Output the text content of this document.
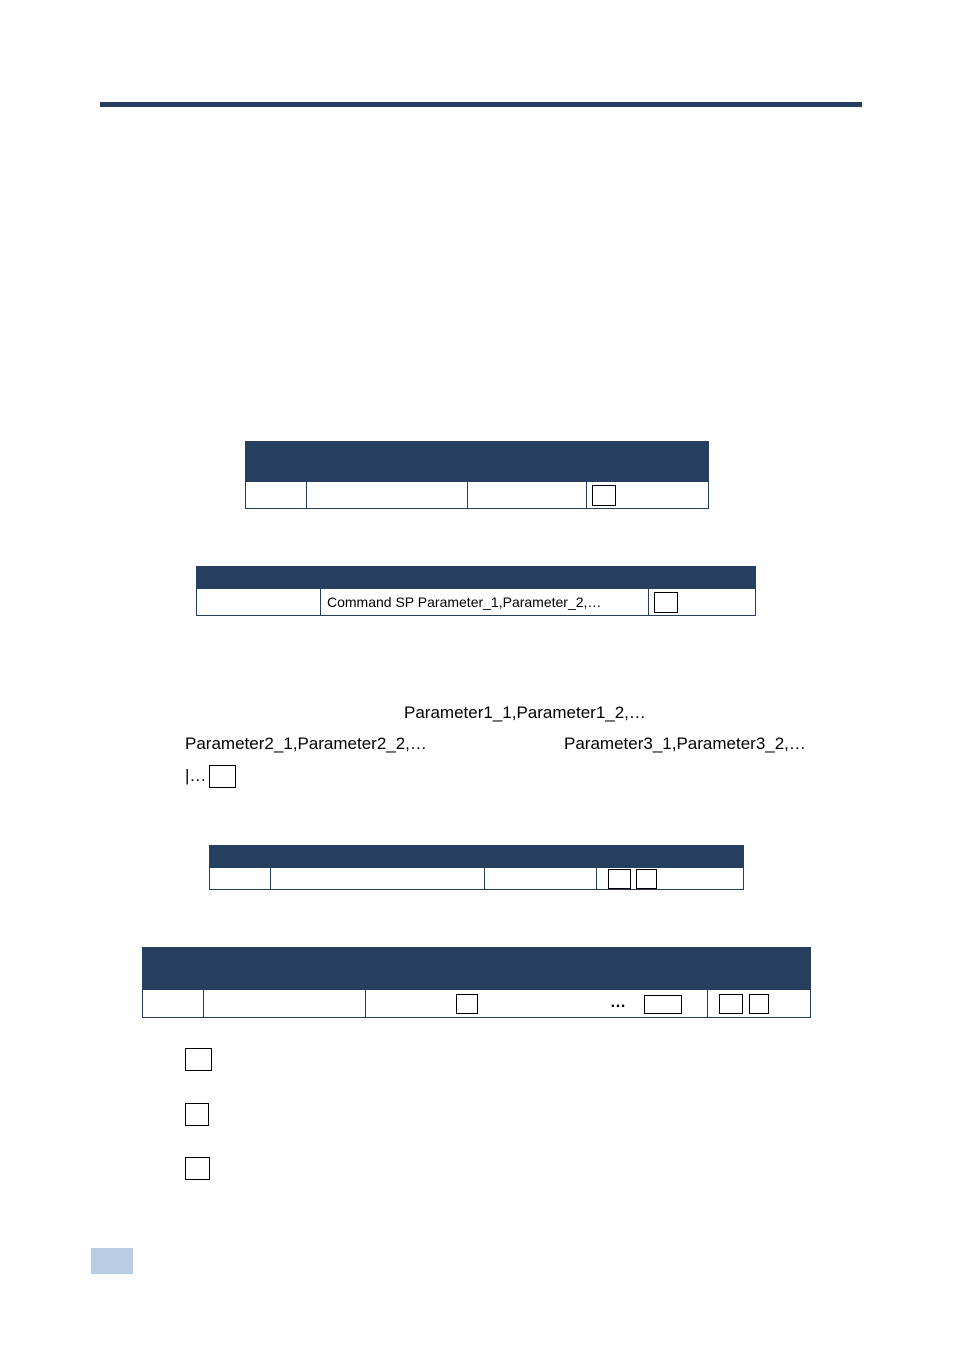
	Command SP Parameter_1,Parameter_2,…	
Parameter1_1,Parameter1_2,…
Parameter2_1,Parameter2_2,…	Parameter3_1,Parameter3_2,…
|…

		…	
